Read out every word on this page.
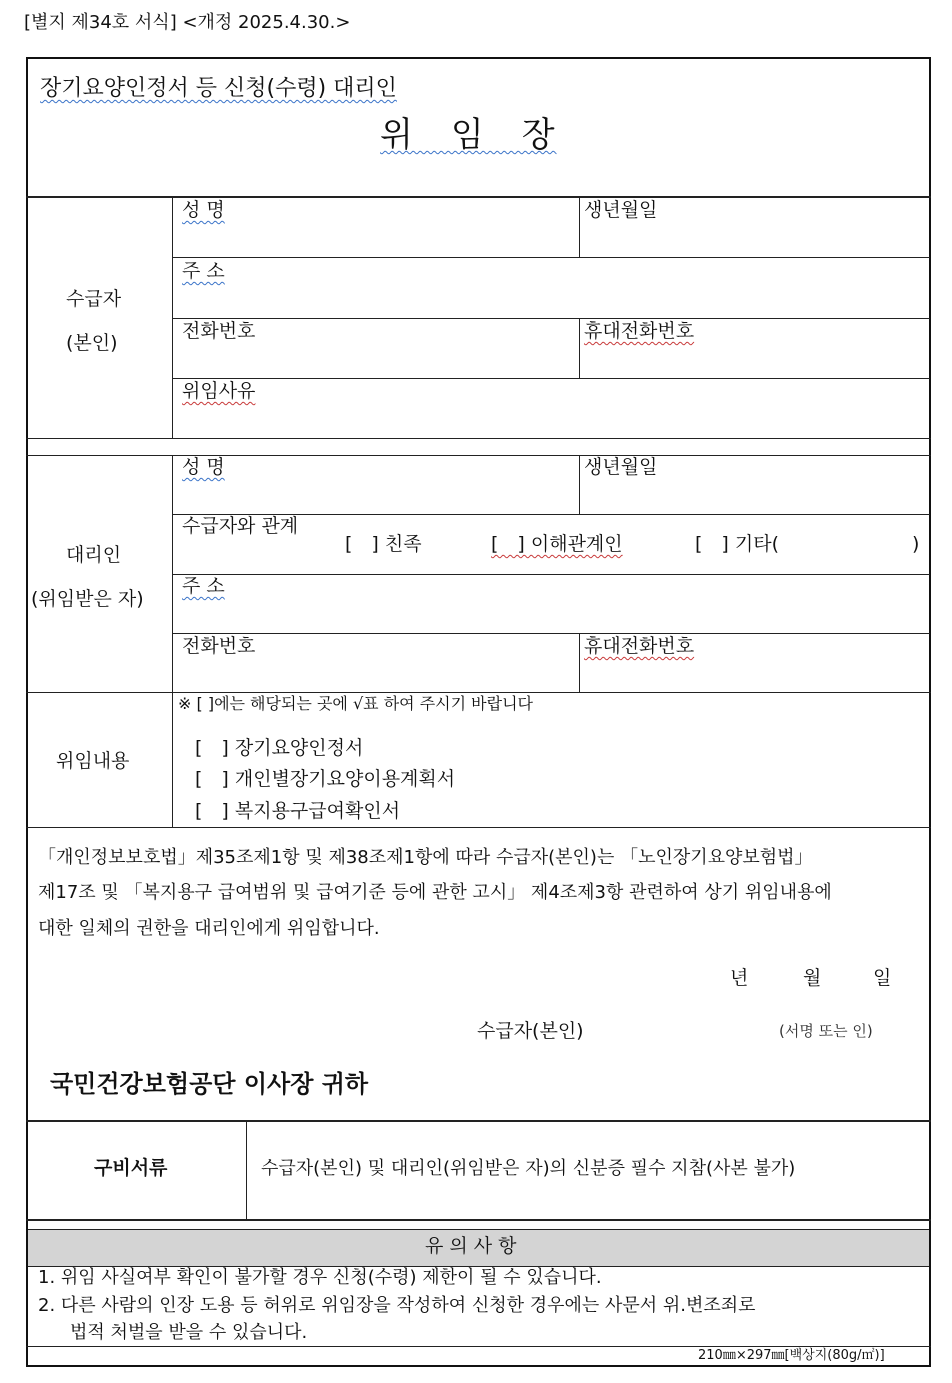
[별지 제34호 서식] <개정 2025.4.30.>
장기요양인정서 등 신청(수령) 대리인
위　임　장
수급자
(본인)
성 명	생년월일
주 소
전화번호	휴대전화번호
위임사유
대리인
(위임받은 자)
성 명	생년월일
수급자와 관계
[　] 친족	[　] 이해관계인	[　] 기타(	)
주 소
전화번호	휴대전화번호
위임내용
※ [ ]에는 해당되는 곳에 √표 하여 주시기 바랍니다
[　] 장기요양인정서
[　] 개인별장기요양이용계획서
[　] 복지용구급여확인서
「개인정보보호법」제35조제1항 및 제38조제1항에 따라 수급자(본인)는 「노인장기요양보험법」
제17조 및 「복지용구 급여범위 및 급여기준 등에 관한 고시」 제4조제3항 관련하여 상기 위임내용에
대한 일체의 권한을 대리인에게 위임합니다.
년	월	일
수급자(본인)	(서명 또는 인)
국민건강보험공단 이사장 귀하
구비서류	수급자(본인) 및 대리인(위임받은 자)의 신분증 필수 지참(사본 불가)
유 의 사 항
1. 위임 사실여부 확인이 불가할 경우 신청(수령) 제한이 될 수 있습니다.
2. 다른 사람의 인장 도용 등 허위로 위임장을 작성하여 신청한 경우에는 사문서 위.변조죄로
법적 처벌을 받을 수 있습니다.
210㎜×297㎜[백상지(80g/㎡)]
